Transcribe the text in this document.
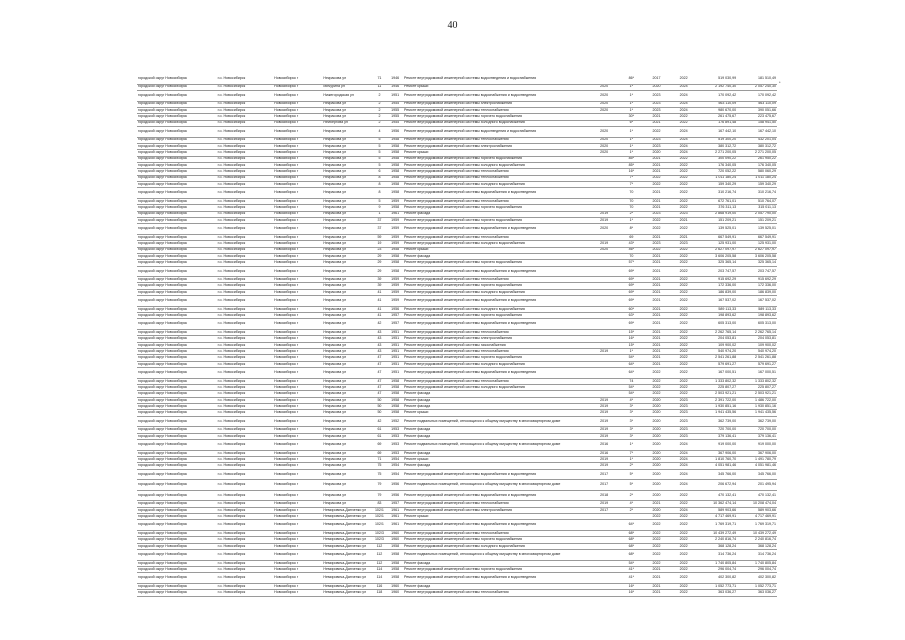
40
*
городской округ Новосибирск	г.о. Новосибирск	Новосибирск г	Некрасова ул	71	1946	Ремонт внутридомовой инженерной системы водоотведения и водоснабжения		86*	2017	2022	519 030,99	181 510,49
городской округ Новосибирск	г.о. Новосибирск	Новосибирск г	Мичурина ул	11	1946	Ремонт крыши	2020	1*	2020	2024	2 192 740,30	2 057 240,30
городской округ Новосибирск	г.о. Новосибирск	Новосибирск г	Нижегородская ул	2	1951	Ремонт внутридомовой инженерной системы водоснабжения и водоотведения	2020	1*	2023	2024	170 092,42	170 092,42
городской округ Новосибирск	г.о. Новосибирск	Новосибирск г	Некрасова ул	2	1955	Ремонт внутридомовой инженерной системы электроснабжения	2020	1*	2023	2024	563 110,09	563 110,09
городской округ Новосибирск	г.о. Новосибирск	Новосибирск г	Некрасова ул	2	1955	Ремонт внутридомовой инженерной системы теплоснабжения	2020	1*	2023	2024	980 670,00	390 051,66
городской округ Новосибирск	г.о. Новосибирск	Новосибирск г	Некрасова ул	2	1955	Ремонт внутридомовой инженерной системы горячего водоснабжения		30*	2021	2022	261 475,67	223 475,67
городской округ Новосибирск	г.о. Новосибирск	Новосибирск г	Нейбергова ул	2	1955	Ремонт внутридомовой инженерной системы холодного водоснабжения		6*	2021	2022	176 891,48	158 941,50
городской округ Новосибирск	г.о. Новосибирск	Новосибирск г	Некрасова ул	4	1956	Ремонт внутридомовой инженерной системы водоотведения и водоснабжения	2020	1*	2022	2024	167 442,10	167 442,10
городской округ Новосибирск	г.о. Новосибирск	Новосибирск г	Некрасова ул	5	1958	Ремонт внутридомовой инженерной системы теплоснабжения	2020	1*	2023	2024	519 300,20	432 201,04
городской округ Новосибирск	г.о. Новосибирск	Новосибирск г	Некрасова ул	5	1958	Ремонт внутридомовой инженерной системы электроснабжения	2020	1*	2023	2024	380 312,72	380 312,72
городской округ Новосибирск	г.о. Новосибирск	Новосибирск г	Некрасова ул	5	1958	Ремонт крыши	2020	1*	2020	2024	2 271 200,05	2 271 200,05
городской округ Новосибирск	г.о. Новосибирск	Новосибирск г	Некрасова ул	5	1958	Ремонт внутридомовой инженерной системы горячего водоснабжения		85*	2021	2022	300 090,22	261 950,22
городской округ Новосибирск	г.о. Новосибирск	Новосибирск г	Некрасова ул	5	1958	Ремонт внутридомовой инженерной системы холодного водоснабжения		85*	2021	2022	176 340,05	176 340,05
городской округ Новосибирск	г.о. Новосибирск	Новосибирск г	Некрасова ул	6	1958	Ремонт внутридомовой инженерной системы теплоснабжения		16*	2021	2022	720 052,22	580 060,29
городской округ Новосибирск	г.о. Новосибирск	Новосибирск г	Некрасова ул	8	1958	Ремонт внутридомовой инженерной системы теплоснабжения		7*	2022	2022	1 011 180,24	1 011 180,24
городской округ Новосибирск	г.о. Новосибирск	Новосибирск г	Некрасова ул	8	1958	Ремонт внутридомовой инженерной системы холодного водоснабжения		7*	2022	2022	159 340,29	159 340,29
городской округ Новосибирск	г.о. Новосибирск	Новосибирск г	Некрасова ул	8	1958	Ремонт внутридомовой инженерной системы водоснабжения и водоотведения		70	2021	2022	310 216,74	310 216,74
городской округ Новосибирск	г.о. Новосибирск	Новосибирск г	Некрасова ул	5	1959	Ремонт внутридомовой инженерной системы теплоснабжения		70	2021	2022	672 761,01	510 764,07
городской округ Новосибирск	г.о. Новосибирск	Новосибирск г	Некрасова ул	9	1958	Ремонт внутридомовой инженерной системы горячего водоснабжения		70	2021	2022	376 311,13	315 011,13
городской округ Новосибирск	г.о. Новосибирск	Новосибирск г	Некрасова ул	1	1961	Ремонт фасада	2019	2*	2023	2023	2 868 919,00	2 057 790,00
городской округ Новосибирск	г.о. Новосибирск	Новосибирск г	Некрасова ул	37	1959	Ремонт внутридомовой инженерной системы горячего водоснабжения	2019	1*	2022	2021	151 209,21	151 209,21
городской округ Новосибирск	г.о. Новосибирск	Новосибирск г	Некрасова ул	37	1959	Ремонт внутридомовой инженерной системы водоснабжения и водоотведения	2020	8*	2022	2022	139 525,01	139 525,01
городской округ Новосибирск	г.о. Новосибирск	Новосибирск г	Некрасова ул	59	1959	Ремонт внутридомовой инженерной системы теплоснабжения		69	2021	2021	667 549,91	667 549,91
городской округ Новосибирск	г.о. Новосибирск	Новосибирск г	Некрасова ул	19	1959	Ремонт внутридомовой инженерной системы холодного водоснабжения	2019	43*	2023	2023	125 931,00	125 931,00
городской округ Новосибирск	г.о. Новосибирск	Новосибирск г	Некрасова ул	23	1958	Ремонт крыши	2020	46*	2022	2022	2 627 097,97	2 627 097,97
городской округ Новосибирск	г.о. Новосибирск	Новосибирск г	Некрасова ул	29	1958	Ремонт фасада		70	2021	2022	3 606 205,58	3 606 205,58
городской округ Новосибирск	г.о. Новосибирск	Новосибирск г	Некрасова ул	29	1958	Ремонт внутридомовой инженерной системы горячего водоснабжения		57*	2021	2022	325 365,14	325 365,14
городской округ Новосибирск	г.о. Новосибирск	Новосибирск г	Некрасова ул	29	1958	Ремонт внутридомовой инженерной системы водоснабжения и водоотведения		69*	2021	2022	203 747,57	203 747,57
городской округ Новосибирск	г.о. Новосибирск	Новосибирск г	Некрасова ул	39	1959	Ремонт внутридомовой инженерной системы теплоснабжения		69*	2021	2022	915 692,29	915 692,29
городской округ Новосибирск	г.о. Новосибирск	Новосибирск г	Некрасова ул	39	1959	Ремонт внутридомовой инженерной системы горячего водоснабжения		69*	2021	2022	172 336,00	172 336,00
городской округ Новосибирск	г.о. Новосибирск	Новосибирск г	Некрасова ул	41	1959	Ремонт внутридомовой инженерной системы холодного водоснабжения		69*	2021	2022	186 839,00	186 839,00
городской округ Новосибирск	г.о. Новосибирск	Новосибирск г	Некрасова ул	41	1959	Ремонт внутридомовой инженерной системы водоснабжения и водоотведения		69*	2021	2022	167 537,02	167 537,02
городской округ Новосибирск	г.о. Новосибирск	Новосибирск г	Некрасова ул	41	1956	Ремонт внутридомовой инженерной системы холодного водоснабжения		60*	2021	2022	589 113,33	589 113,33
городской округ Новосибирск	г.о. Новосибирск	Новосибирск г	Некрасова ул	41	1957	Ремонт внутридомовой инженерной системы горячего водоснабжения		63*	2021	2022	198 893,62	198 893,62
городской округ Новосибирск	г.о. Новосибирск	Новосибирск г	Некрасова ул	42	1957	Ремонт внутридомовой инженерной системы водоснабжения и водоотведения		69*	2021	2022	605 313,00	605 313,00
городской округ Новосибирск	г.о. Новосибирск	Новосибирск г	Некрасова ул	43	1951	Ремонт внутридомовой инженерной системы теплоснабжения		15*	2021	2022	2 262 765,14	2 262 765,14
городской округ Новосибирск	г.о. Новосибирск	Новосибирск г	Некрасова ул	43	1951	Ремонт внутридомовой инженерной системы электроснабжения		16*	2021	2022	204 053,81	204 053,81
городской округ Новосибирск	г.о. Новосибирск	Новосибирск г	Некрасова ул	43	1951	Ремонт внутридомовой инженерной системы газоснабжения		15*	2021	2022	109 900,02	109 900,02
городской округ Новосибирск	г.о. Новосибирск	Новосибирск г	Некрасова ул	43	1951	Ремонт внутридомовой инженерной системы теплоснабжения	2019	1*	2021	2022	540 974,20	540 974,20
городской округ Новосибирск	г.о. Новосибирск	Новосибирск г	Некрасова ул	47	1951	Ремонт внутридомовой инженерной системы горячего водоснабжения		54*	2021	2022	2 541 261,88	2 541 261,88
городской округ Новосибирск	г.о. Новосибирск	Новосибирск г	Некрасова ул	47	1951	Ремонт внутридомовой инженерной системы холодного водоснабжения		64*	2021	2022	579 691,27	579 691,27
городской округ Новосибирск	г.о. Новосибирск	Новосибирск г	Некрасова ул	47	1951	Ремонт внутридомовой инженерной системы водоснабжения и водоотведения		64*	2022	2022	167 000,51	167 000,51
городской округ Новосибирск	г.о. Новосибирск	Новосибирск г	Некрасова ул	47	1958	Ремонт внутридомовой инженерной системы теплоснабжения		74	2022	2022	1 333 802,32	1 333 802,32
городской округ Новосибирск	г.о. Новосибирск	Новосибирск г	Некрасова ул	47	1958	Ремонт внутридомовой инженерной системы холодного водоснабжения		54*	2022	2022	225 807,27	225 807,27
городской округ Новосибирск	г.о. Новосибирск	Новосибирск г	Некрасова ул	47	1958	Ремонт фасада		54*	2022	2022	2 503 921,21	2 503 921,21
городской округ Новосибирск	г.о. Новосибирск	Новосибирск г	Некрасова ул	50	1958	Ремонт фасада	2019	4*	2020	2023	2 391 722,00	1 486 722,00
городской округ Новосибирск	г.о. Новосибирск	Новосибирск г	Некрасова ул	50	1958	Ремонт фасада	2019	3*	2020	2023	1 930 851,16	1 930 851,16
городской округ Новосибирск	г.о. Новосибирск	Новосибирск г	Некрасова ул	50	1958	Ремонт крыши	2019	3*	2020	2023	1 941 435,56	1 941 435,56
городской округ Новосибирск	г.о. Новосибирск	Новосибирск г	Некрасова ул	42	1952	Ремонт подвальных помещений, относящихся к общему имуществу в многоквартирном доме	2019	3*	2020	2023	362 739,00	362 739,00
городской округ Новосибирск	г.о. Новосибирск	Новосибирск г	Некрасова ул	61	1953	Ремонт фасада	2019	3*	2020	2023	720 700,00	720 700,00
городской округ Новосибирск	г.о. Новосибирск	Новосибирск г	Некрасова ул	61	1953	Ремонт фасада	2019	3*	2020	2023	379 136,41	379 136,41
городской округ Новосибирск	г.о. Новосибирск	Новосибирск г	Некрасова ул	69	1953	Ремонт подвальных помещений, относящихся к общему имуществу в многоквартирном доме	2016	1*	2020	2024	919 000,00	919 000,00
городской округ Новосибирск	г.о. Новосибирск	Новосибирск г	Некрасова ул	69	1953	Ремонт фасада	2016	7*	2020	2024	367 906,00	367 906,00
городской округ Новосибирск	г.о. Новосибирск	Новосибирск г	Некрасова ул	71	1954	Ремонт крыши	2019	1*	2020	2024	1 810 760,70	1 491 780,79
городской округ Новосибирск	г.о. Новосибирск	Новосибирск г	Некрасова ул	75	1954	Ремонт фасада	2019	2*	2020	2024	4 051 981,46	4 051 981,46
городской округ Новосибирск	г.о. Новосибирск	Новосибирск г	Некрасова ул	75	1954	Ремонт внутридомовой инженерной системы водоснабжения и водоотведения	2017	5*	2020	2024	345 766,00	345 766,00
городской округ Новосибирск	г.о. Новосибирск	Новосибирск г	Некрасова ул	79	1956	Ремонт подвальных помещений, относящихся к общему имуществу в многоквартирном доме	2017	5*	2020	2024	206 672,94	201 495,94
городской округ Новосибирск	г.о. Новосибирск	Новосибирск г	Некрасова ул	79	1956	Ремонт внутридомовой инженерной системы водоснабжения и водоотведения	2018	2*	2020	2022	470 132,41	470 132,41
городской округ Новосибирск	г.о. Новосибирск	Новосибирск г	Некрасова ул	83	1957	Ремонт внутридомовой инженерной системы теплоснабжения	2019	4*	2021	2022	10 362 474,14	10 208 474,04
городской округ Новосибирск	г.о. Новосибирск	Новосибирск г	Немировича-Данченко ул	102/1	1961	Ремонт внутридомовой инженерной системы электроснабжения	2017	2*	2020	2024	589 903,66	589 903,66
городской округ Новосибирск	г.о. Новосибирск	Новосибирск г	Немировича-Данченко ул	102/1	1961	Ремонт крыши			2022	2022	4 717 469,91	4 717 469,91
городской округ Новосибирск	г.о. Новосибирск	Новосибирск г	Немировича-Данченко ул	102/1	1961	Ремонт внутридомовой инженерной системы водоснабжения и водоотведения		64*	2022	2022	1 769 319,71	1 769 319,71
городской округ Новосибирск	г.о. Новосибирск	Новосибирск г	Немировича-Данченко ул	102/3	1960	Ремонт внутридомовой инженерной системы теплоснабжения		68*	2022	2022	10 439 272,49	10 439 272,49
городской округ Новосибирск	г.о. Новосибирск	Новосибирск г	Немировича-Данченко ул	102/3	1960	Ремонт внутридомовой инженерной системы горячего водоснабжения		68*	2022	2022	2 240 816,74	2 240 816,74
городской округ Новосибирск	г.о. Новосибирск	Новосибирск г	Немировича-Данченко ул	112	1958	Ремонт внутридомовой инженерной системы холодного водоснабжения		68*	2022	2022	368 128,24	368 128,24
городской округ Новосибирск	г.о. Новосибирск	Новосибирск г	Немировича-Данченко ул	112	1958	Ремонт подвальных помещений, относящихся к общему имуществу в многоквартирном доме		68*	2022	2022	314 736,24	314 736,24
городской округ Новосибирск	г.о. Новосибирск	Новосибирск г	Немировича-Данченко ул	112	1958	Ремонт фасада		54*	2022	2022	1 740 805,84	1 740 805,84
городской округ Новосибирск	г.о. Новосибирск	Новосибирск г	Немировича-Данченко ул	114	1958	Ремонт внутридомовой инженерной системы горячего водоснабжения		41*	2021	2022	296 004,74	296 004,74
городской округ Новосибирск	г.о. Новосибирск	Новосибирск г	Немировича-Данченко ул	114	1958	Ремонт внутридомовой инженерной системы водоснабжения и водоотведения		41*	2021	2022	402 300,82	402 300,82
городской округ Новосибирск	г.о. Новосибирск	Новосибирск г	Немировича-Данченко ул	116	1960	Ремонт фасада		16*	2021	2022	1 052 773,71	1 052 773,71
городской округ Новосибирск	г.о. Новосибирск	Новосибирск г	Немировича-Данченко ул	118	1960	Ремонт внутридомовой инженерной системы теплоснабжения		16*	2021	2022	363 036,27	363 036,27
